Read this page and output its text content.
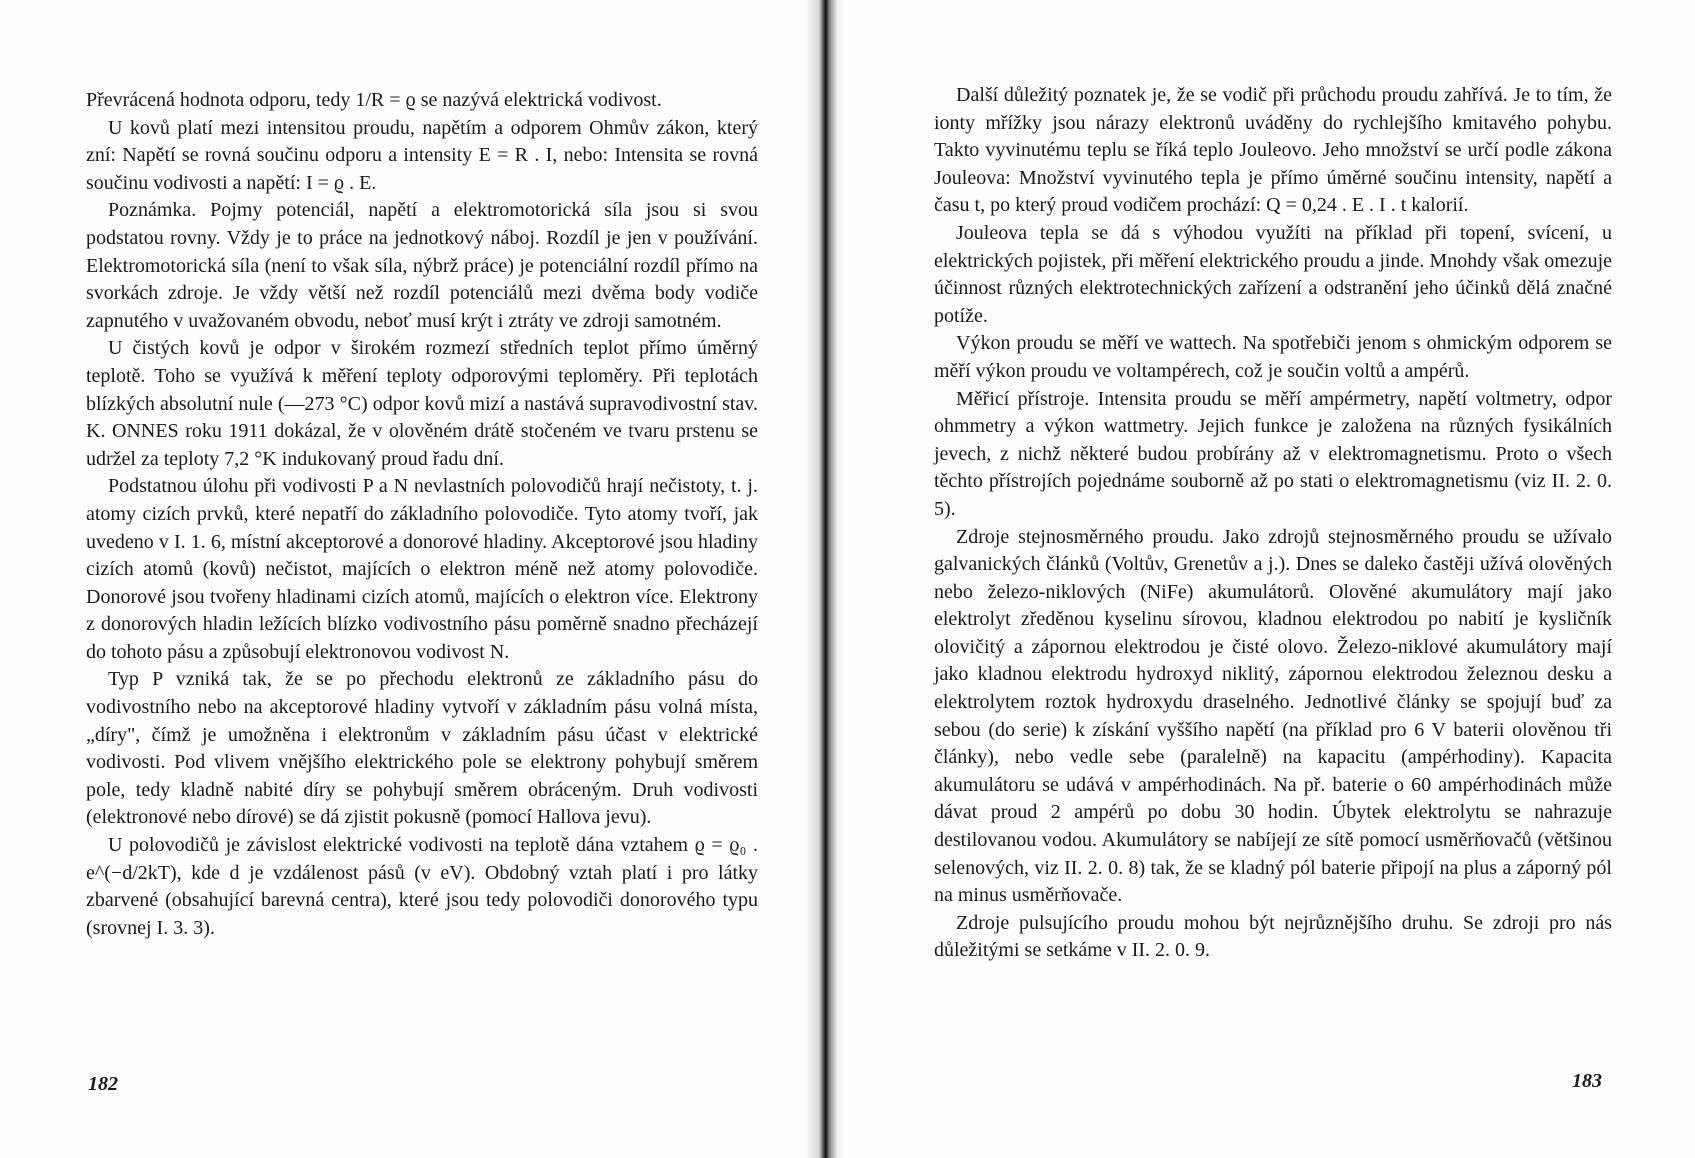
Převrácená hodnota odporu, tedy 1/R = ϱ se nazývá elektrická vodivost.

U kovů platí mezi intensitou proudu, napětím a odporem Ohmův zákon, který zní: Napětí se rovná součinu odporu a intensity E = R . I, nebo: Intensita se rovná součinu vodivosti a napětí: I = ϱ . E.

Poznámka. Pojmy potenciál, napětí a elektromotorická síla jsou si svou podstatou rovny. Vždy je to práce na jednotkový náboj. Rozdíl je jen v používání. Elektromotorická síla (není to však síla, nýbrž práce) je potenciální rozdíl přímo na svorkách zdroje. Je vždy větší než rozdíl potenciálů mezi dvěma body vodiče zapnutého v uvažovaném obvodu, neboť musí krýt i ztráty ve zdroji samotném.

U čistých kovů je odpor v širokém rozmezí středních teplot přímo úměrný teplotě. Toho se využívá k měření teploty odporovými teploměry. Při teplotách blízkých absolutní nule (—273 °C) odpor kovů mizí a nastává supravodivostní stav. K. ONNES roku 1911 dokázal, že v olověném drátě stočeném ve tvaru prstenu se udržel za teploty 7,2 °K indukovaný proud řadu dní.

Podstatnou úlohu při vodivosti P a N nevlastních polovodičů hrají nečistoty, t. j. atomy cizích prvků, které nepatří do základního polovodiče. Tyto atomy tvoří, jak uvedeno v I. 1. 6, místní akceptorové a donorové hladiny. Akceptorové jsou hladiny cizích atomů (kovů) nečistot, majících o elektron méně než atomy polovodiče. Donorové jsou tvořeny hladinami cizích atomů, majících o elektron více. Elektrony z donorových hladin ležících blízko vodivostního pásu poměrně snadno přecházejí do tohoto pásu a způsobují elektronovou vodivost N.

Typ P vzniká tak, že se po přechodu elektronů ze základního pásu do vodivostního nebo na akceptorové hladiny vytvoří v základním pásu volná místa, „díry", čímž je umožněna i elektronům v základním pásu účast v elektrické vodivosti. Pod vlivem vnějšího elektrického pole se elektrony pohybují směrem pole, tedy kladně nabité díry se pohybují směrem obráceným. Druh vodivosti (elektronové nebo dírové) se dá zjistit pokusně (pomocí Hallova jevu).

U polovodičů je závislost elektrické vodivosti na teplotě dána vztahem ϱ = ϱ₀ . e^(−d/2kT), kde d je vzdálenost pásů (v eV). Obdobný vztah platí i pro látky zbarvené (obsahující barevná centra), které jsou tedy polovodiči donorového typu (srovnej I. 3. 3).

182

Další důležitý poznatek je, že se vodič při průchodu proudu zahřívá. Je to tím, že ionty mřížky jsou nárazy elektronů uváděny do rychlejšího kmitavého pohybu. Takto vyvinutému teplu se říká teplo Jouleovo. Jeho množství se určí podle zákona Jouleova: Množství vyvinutého tepla je přímo úměrné součinu intensity, napětí a času t, po který proud vodičem prochází: Q = 0,24 . E . I . t kalorií.

Jouleova tepla se dá s výhodou využíti na příklad při topení, svícení, u elektrických pojistek, při měření elektrického proudu a jinde. Mnohdy však omezuje účinnost různých elektrotechnických zařízení a odstranění jeho účinků dělá značné potíže.

Výkon proudu se měří ve wattech. Na spotřebiči jenom s ohmickým odporem se měří výkon proudu ve voltampérech, což je součin voltů a ampérů.

Měřicí přístroje. Intensita proudu se měří ampérmetry, napětí voltmetry, odpor ohmmetry a výkon wattmetry. Jejich funkce je založena na různých fysikálních jevech, z nichž některé budou probírány až v elektromagnetismu. Proto o všech těchto přístrojích pojednáme souborně až po stati o elektromagnetismu (viz II. 2. 0. 5).

Zdroje stejnosměrného proudu. Jako zdrojů stejnosměrného proudu se užívalo galvanických článků (Voltův, Grenetův a j.). Dnes se daleko častěji užívá olověných nebo železo-niklových (NiFe) akumulátorů. Olověné akumulátory mají jako elektrolyt zředěnou kyselinu sírovou, kladnou elektrodou po nabití je kysličník olovičitý a zápornou elektrodou je čisté olovo. Železo-niklové akumulátory mají jako kladnou elektrodu hydroxyd niklitý, zápornou elektrodou železnou desku a elektrolytem roztok hydroxydu draselného. Jednotlivé články se spojují buď za sebou (do serie) k získání vyššího napětí (na příklad pro 6 V baterii olověnou tři články), nebo vedle sebe (paralelně) na kapacitu (ampérhodiny). Kapacita akumulátoru se udává v ampérhodinách. Na př. baterie o 60 ampérhodinách může dávat proud 2 ampérů po dobu 30 hodin. Úbytek elektrolytu se nahrazuje destilovanou vodou. Akumulátory se nabíjejí ze sítě pomocí usměrňovačů (většinou selenových, viz II. 2. 0. 8) tak, že se kladný pól baterie připojí na plus a záporný pól na minus usměrňovače.

Zdroje pulsujícího proudu mohou být nejrůznějšího druhu. Se zdroji pro nás důležitými se setkáme v II. 2. 0. 9.

183
